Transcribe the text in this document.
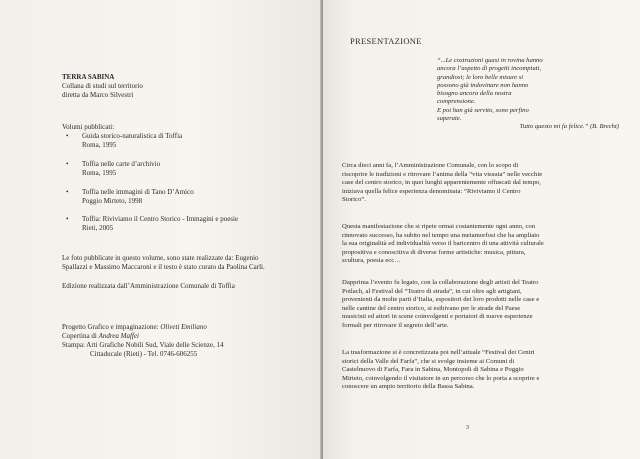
TERRA SABINA
Collana di studi sul territorio
diretta da Marco Silvestri
Volumi pubblicati:
• Guida storico-naturalistica di Toffia
Roma, 1995
• Toffia nelle carte d’archivio
Roma, 1995
• Toffia nelle immagini di Tano D’Amico
Poggio Mirteto, 1998
• Toffia: Riviviamo il Centro Storico - Immagini e poesie
Rieti, 2005
Le foto pubblicate in questo volume, sono state realizzate da: Eugenio
Spallazzi e Massimo Maccaroni e il testo è stato curato da Paolina Carli.
Edizione realizzata dall’Amministrazione Comunale di Toffia
Progetto Grafico e impaginazione: Oliveti Emiliano
Copertina di Andrea Maffei
Stampa: Arti Grafiche Nobili Sud, Viale delle Scienze, 14
Cittaducale (Rieti) - Tel. 0746-606255
PRESENTAZIONE
“...Le costruzioni quasi in rovina hanno
ancora l’aspetto di progetti incompiuti,
grandiosi; le loro belle misure si
possono già indovinare non hanno
bisogno ancora della nostra
comprensione.
E poi han già servito, sono perfino
superate.
Tutto questo mi fa felice.” (B. Brecht)
Circa dieci anni fa, l’Amministrazione Comunale, con lo scopo di
riscoprire le tradizioni e ritrovare l’anima della “vita vissuta” nelle vecchie
case del centro storico, in quei luoghi apparentemente offuscati dal tempo,
iniziava quella felice esperienza denominata: “Riviviamo il Centro
Storico”.
Questa manifestazione che si ripete ormai costantemente ogni anno, con
rinnovato successo, ha subito nel tempo una metamorfosi che ha ampliato
la sua originalità ed individualità verso il baricentro di una attività culturale
propositiva e conoscitiva di diverse forme artistiche: musica, pittura,
scultura, poesia ecc…
Dapprima l’evento fu legato, con la collaborazione degli artisti del Teatro
Potlach, al Festival del “Teatro di strada”, in cui oltre agli artigiani,
provenienti da molte parti d’Italia, espositori dei loro prodotti nelle case e
nelle cantine del centro storico, si esibivano per le strade del Paese
musicisti ed attori in scene coinvolgenti e portatori di nuove esperienze
formali per ritrovare il segreto dell’arte.
La trasformazione si è concretizzata poi nell’attuale “Festival dei Centri
storici della Valle del Farfa”, che si svolge insieme ai Comuni di
Castelnuovo di Farfa, Fara in Sabina, Montopoli di Sabina e Poggio
Mirteto, coinvolgendo il visitatore in un percorso che lo porta a scoprire e
conoscere un ampio territorio della Bassa Sabina.
3
